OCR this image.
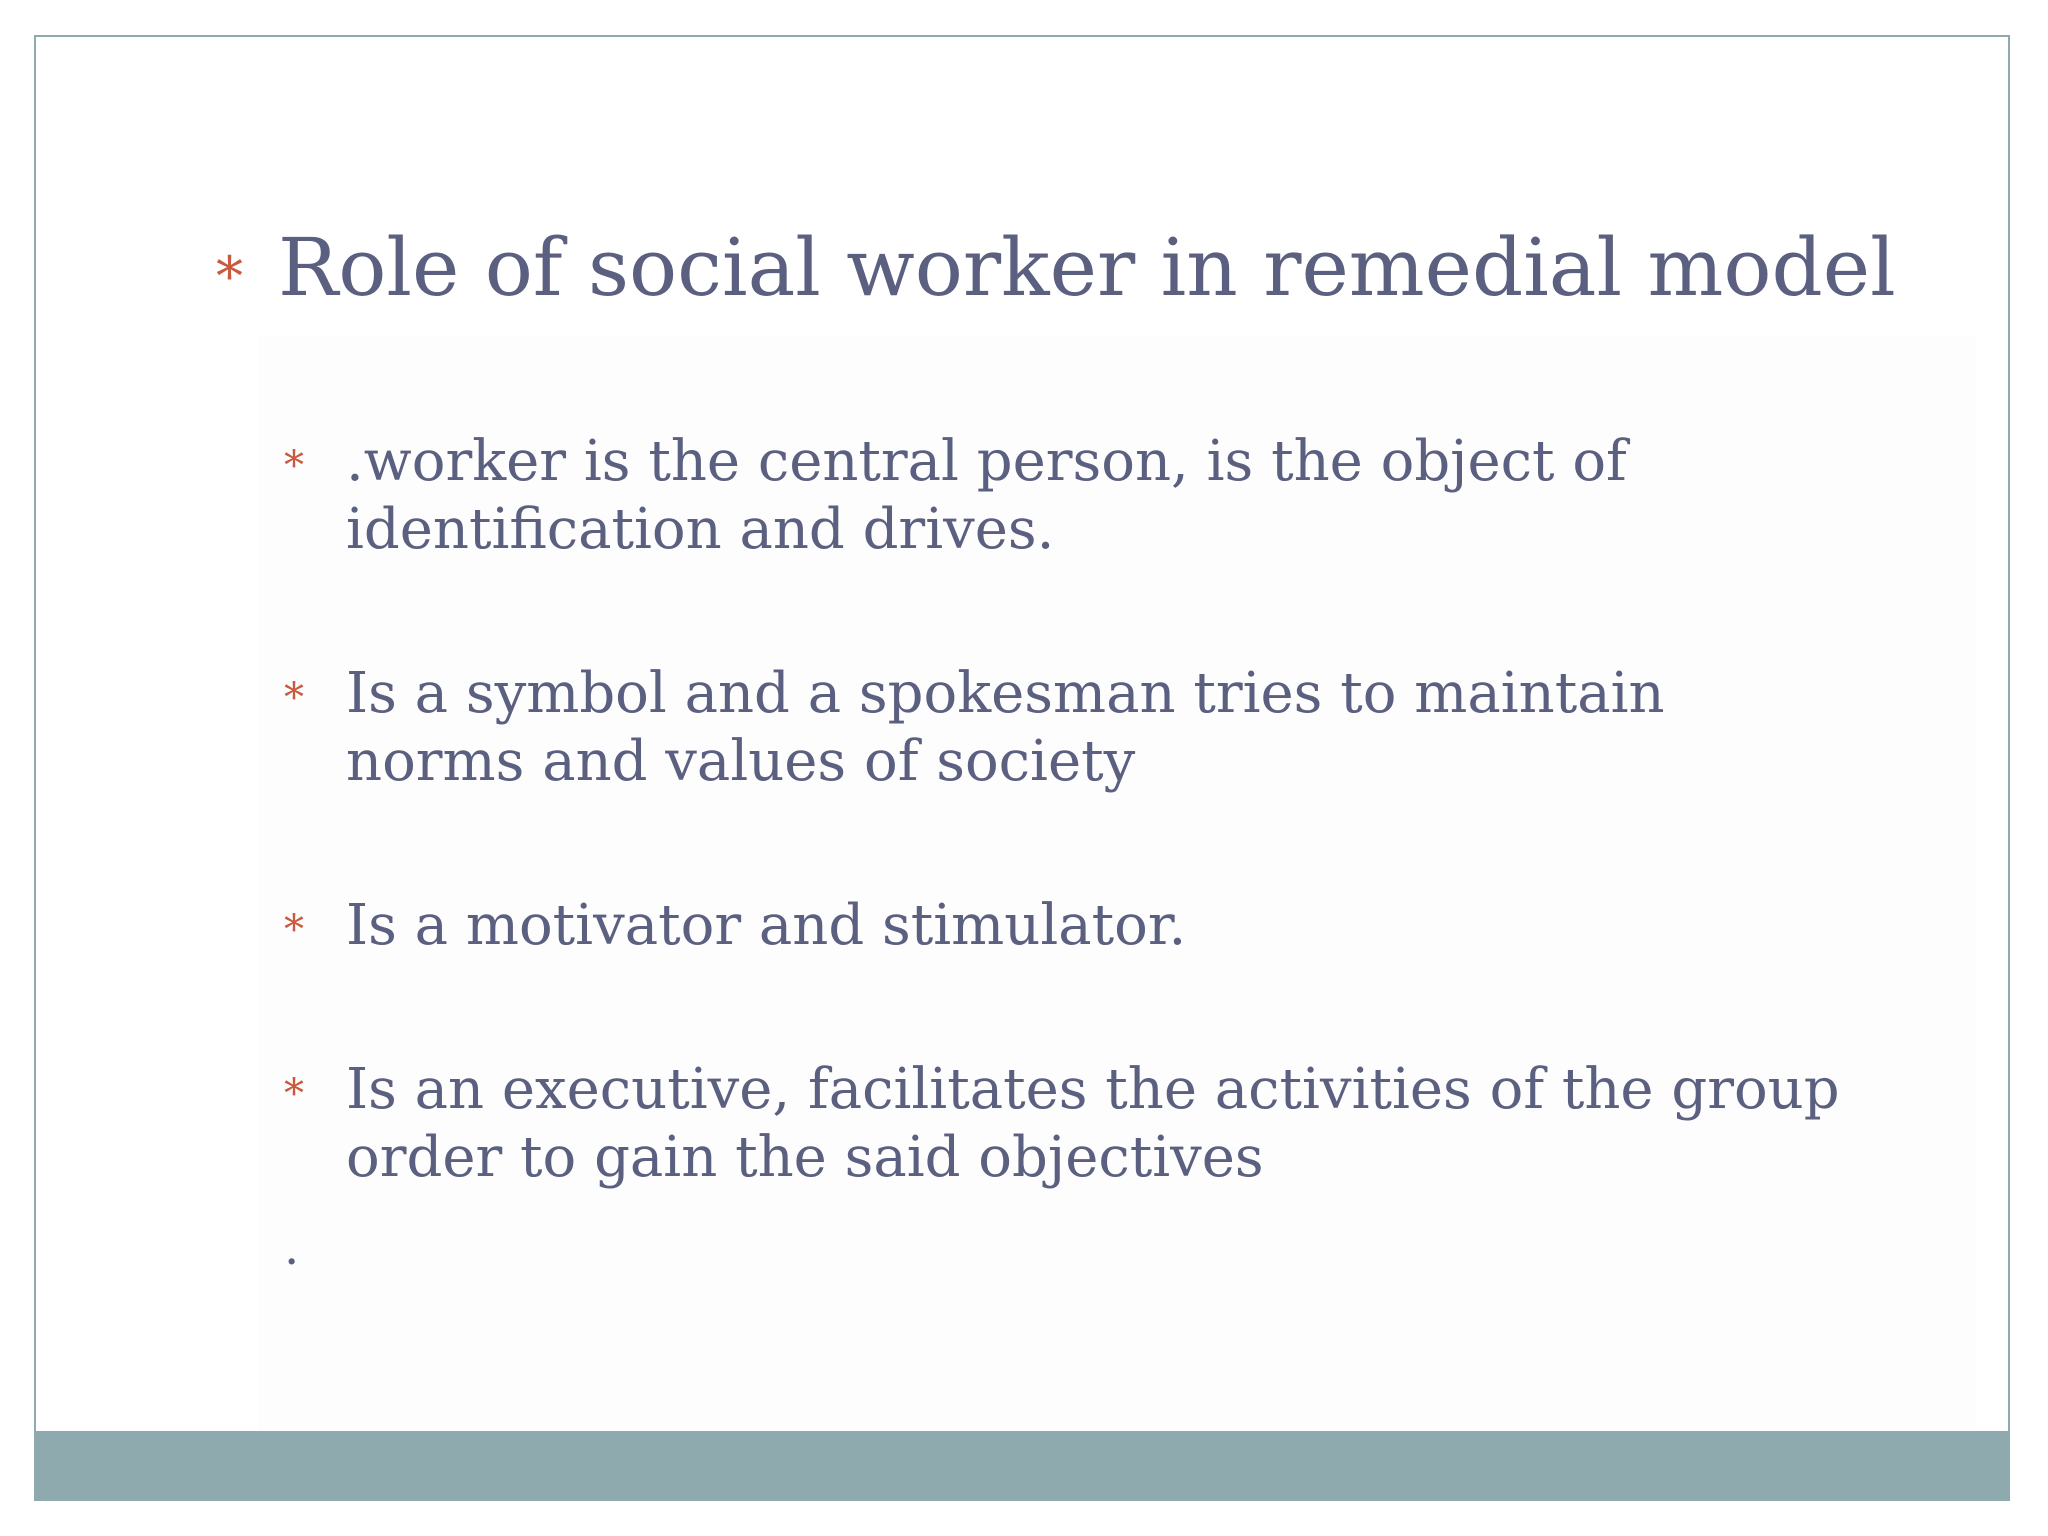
* Role of social worker in remedial model
* .worker is the central person, is the object of identification and drives.
* Is a symbol and a spokesman tries to maintain norms and values of society
* Is a motivator and stimulator.
* Is an executive, facilitates the activities of the group order to gain the said objectives
.
